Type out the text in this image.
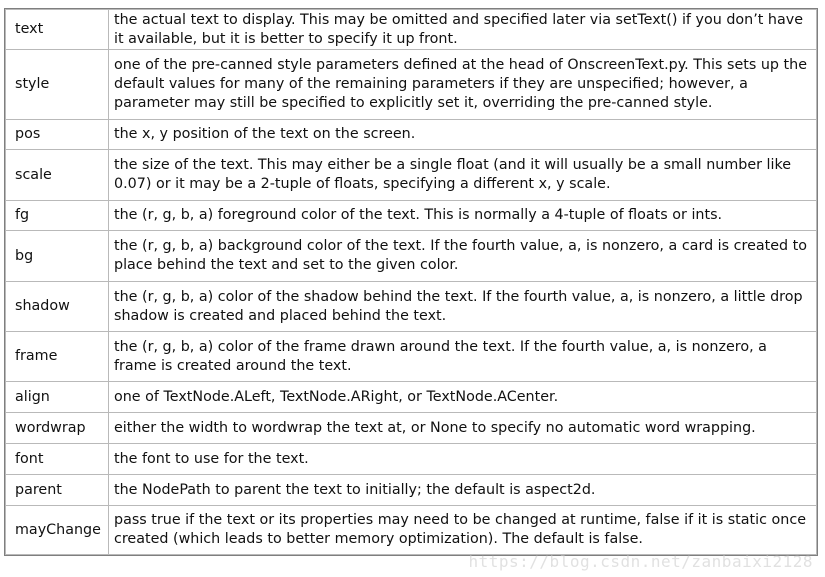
text	the actual text to display. This may be omitted and specified later via setText() if you don’t have it available, but it is better to specify it up front.
style	one of the pre-canned style parameters defined at the head of OnscreenText.py. This sets up the default values for many of the remaining parameters if they are unspecified; however, a parameter may still be specified to explicitly set it, overriding the pre-canned style.
pos	the x, y position of the text on the screen.
scale	the size of the text. This may either be a single float (and it will usually be a small number like 0.07) or it may be a 2-tuple of floats, specifying a different x, y scale.
fg	the (r, g, b, a) foreground color of the text. This is normally a 4-tuple of floats or ints.
bg	the (r, g, b, a) background color of the text. If the fourth value, a, is nonzero, a card is created to place behind the text and set to the given color.
shadow	the (r, g, b, a) color of the shadow behind the text. If the fourth value, a, is nonzero, a little drop shadow is created and placed behind the text.
frame	the (r, g, b, a) color of the frame drawn around the text. If the fourth value, a, is nonzero, a frame is created around the text.
align	one of TextNode.ALeft, TextNode.ARight, or TextNode.ACenter.
wordwrap	either the width to wordwrap the text at, or None to specify no automatic word wrapping.
font	the font to use for the text.
parent	the NodePath to parent the text to initially; the default is aspect2d.
mayChange	pass true if the text or its properties may need to be changed at runtime, false if it is static once created (which leads to better memory optimization). The default is false.
https://blog.csdn.net/zanbaixi2128
